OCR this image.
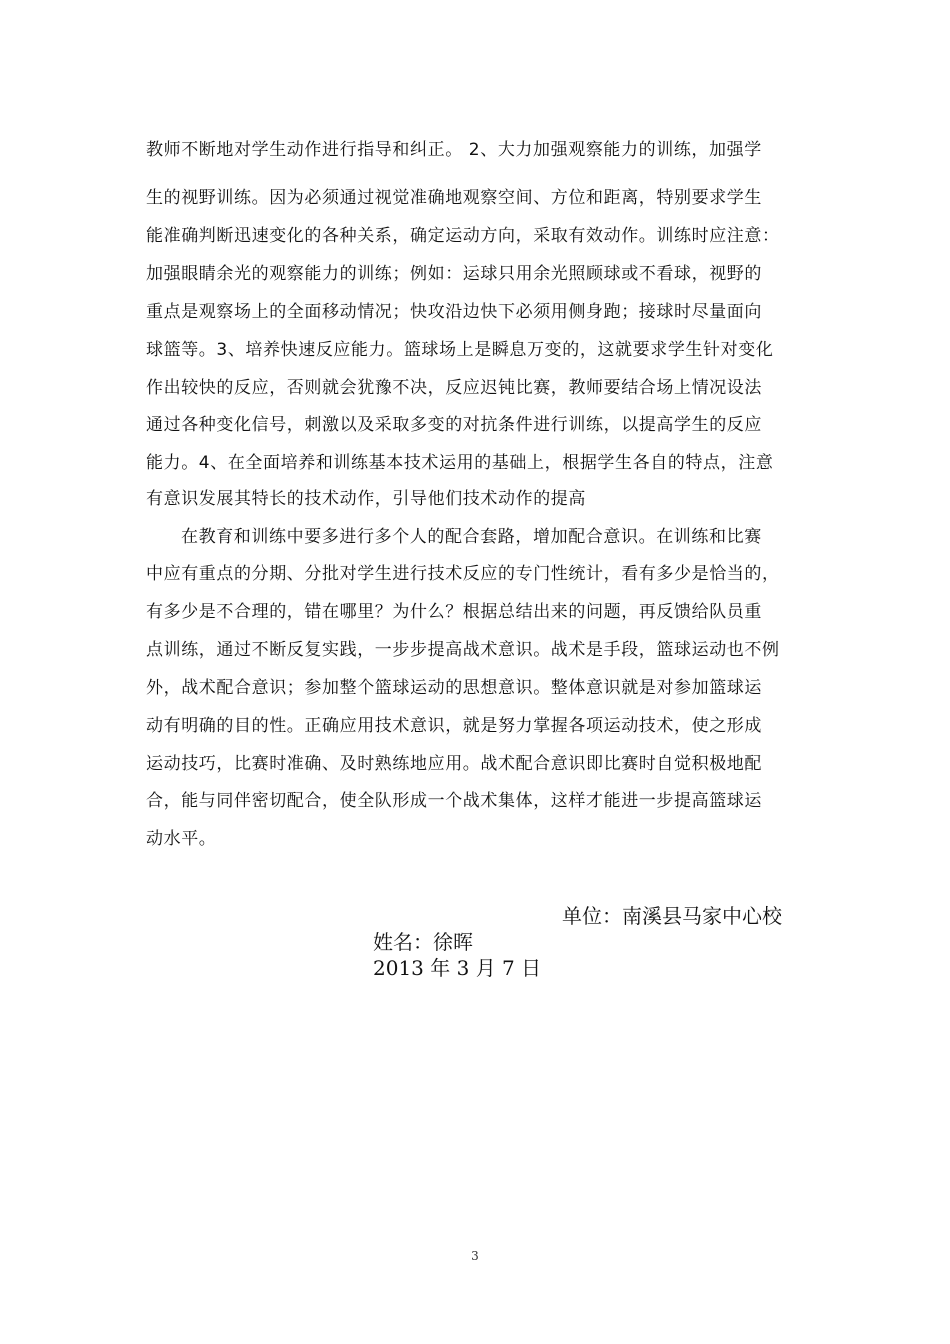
教师不断地对学生动作进行指导和纠正。 2、大力加强观察能力的训练，加强学
生的视野训练。因为必须通过视觉准确地观察空间、方位和距离，特别要求学生
能准确判断迅速变化的各种关系，确定运动方向，采取有效动作。训练时应注意：
加强眼睛余光的观察能力的训练；例如：运球只用余光照顾球或不看球，视野的
重点是观察场上的全面移动情况；快攻沿边快下必须用侧身跑；接球时尽量面向
球篮等。3、培养快速反应能力。篮球场上是瞬息万变的，这就要求学生针对变化
作出较快的反应，否则就会犹豫不决，反应迟钝比赛，教师要结合场上情况设法
通过各种变化信号，刺激以及采取多变的对抗条件进行训练，以提高学生的反应
能力。4、在全面培养和训练基本技术运用的基础上，根据学生各自的特点，注意
有意识发展其特长的技术动作，引导他们技术动作的提高
在教育和训练中要多进行多个人的配合套路，增加配合意识。在训练和比赛
中应有重点的分期、分批对学生进行技术反应的专门性统计，看有多少是恰当的，
有多少是不合理的，错在哪里？为什么？根据总结出来的问题，再反馈给队员重
点训练，通过不断反复实践，一步步提高战术意识。战术是手段，篮球运动也不例
外，战术配合意识；参加整个篮球运动的思想意识。整体意识就是对参加篮球运
动有明确的目的性。正确应用技术意识，就是努力掌握各项运动技术，使之形成
运动技巧，比赛时准确、及时熟练地应用。战术配合意识即比赛时自觉积极地配
合，能与同伴密切配合，使全队形成一个战术集体，这样才能进一步提高篮球运
动水平。
单位：南溪县马家中心校
姓名：徐晖
2013 年 3 月 7 日
3
